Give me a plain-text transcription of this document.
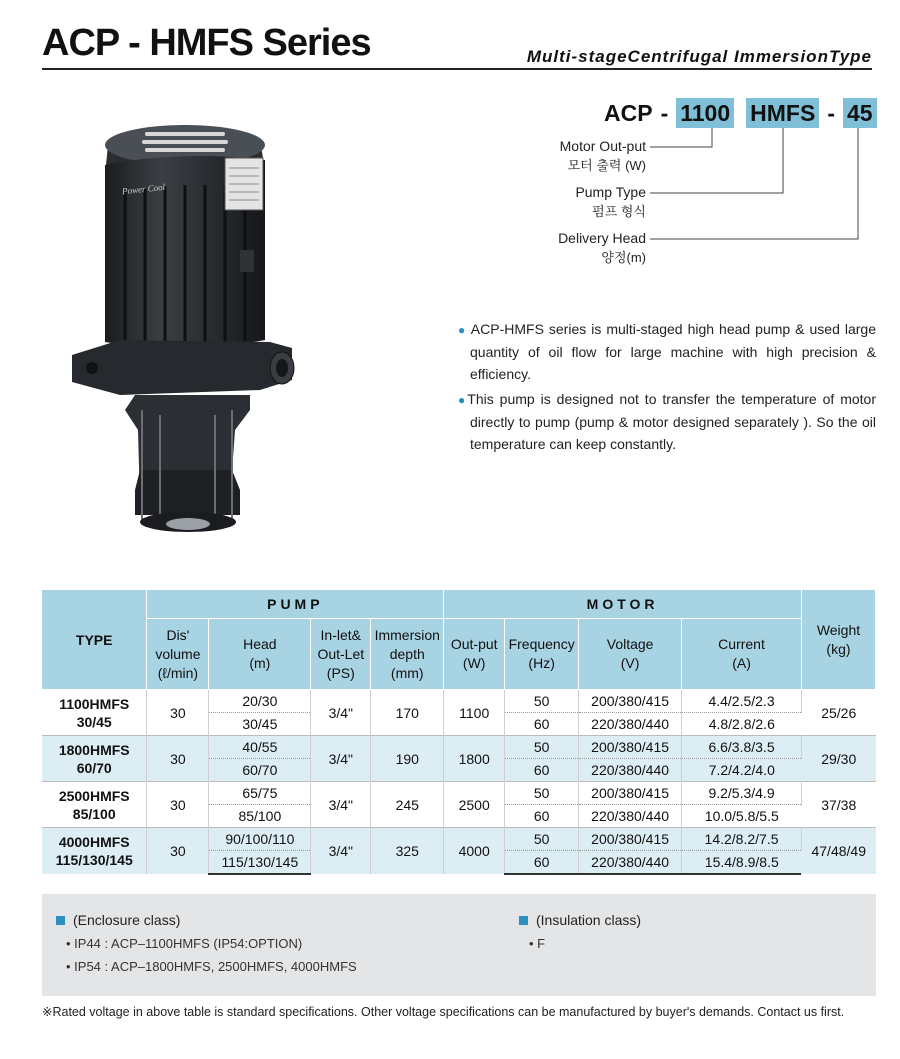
ACP - HMFS Series	Multi-stageCentrifugal ImmersionType
ACP - 1100 HMFS - 45
Motor Out-put
모터 출력 (W)
Pump Type
펌프 형식
Delivery Head
양정(m)
Power Cool

● ACP-HMFS series is multi-staged high head pump & used large quantity of oil flow for large machine with high precision & efficiency.

●This pump is designed not to transfer the temperature of motor directly to pump (pump & motor designed separately ). So the oil temperature can keep constantly.

TYPE	PUMP				MOTOR				Weight
(kg)
	Dis'
volume
(ℓ/min)	Head
(m)	In-let&
Out-Let
(PS)	Immersion
depth
(mm)	Out-put
(W)	Frequency
(Hz)	Voltage
(V)	Current
(A)	
1100HMFS
30/45	30	20/30	3/4"	170	1100	50	200/380/415	4.4/2.5/2.3	25/26
		30/45				60	220/380/440	4.8/2.8/2.6	
1800HMFS
60/70	30	40/55	3/4"	190	1800	50	200/380/415	6.6/3.8/3.5	29/30
		60/70				60	220/380/440	7.2/4.2/4.0	
2500HMFS
85/100	30	65/75	3/4"	245	2500	50	200/380/415	9.2/5.3/4.9	37/38
		85/100				60	220/380/440	10.0/5.8/5.5	
4000HMFS
115/130/145	30	90/100/110	3/4"	325	4000	50	200/380/415	14.2/8.2/7.5	47/48/49
		115/130/145				60	220/380/440	15.4/8.9/8.5	
(Enclosure class)
• IP44 : ACP–1100HMFS (IP54:OPTION)
• IP54 : ACP–1800HMFS, 2500HMFS, 4000HMFS
(Insulation class)
• F
※Rated voltage in above table is standard specifications. Other voltage specifications can be manufactured by buyer's demands. Contact us first.
